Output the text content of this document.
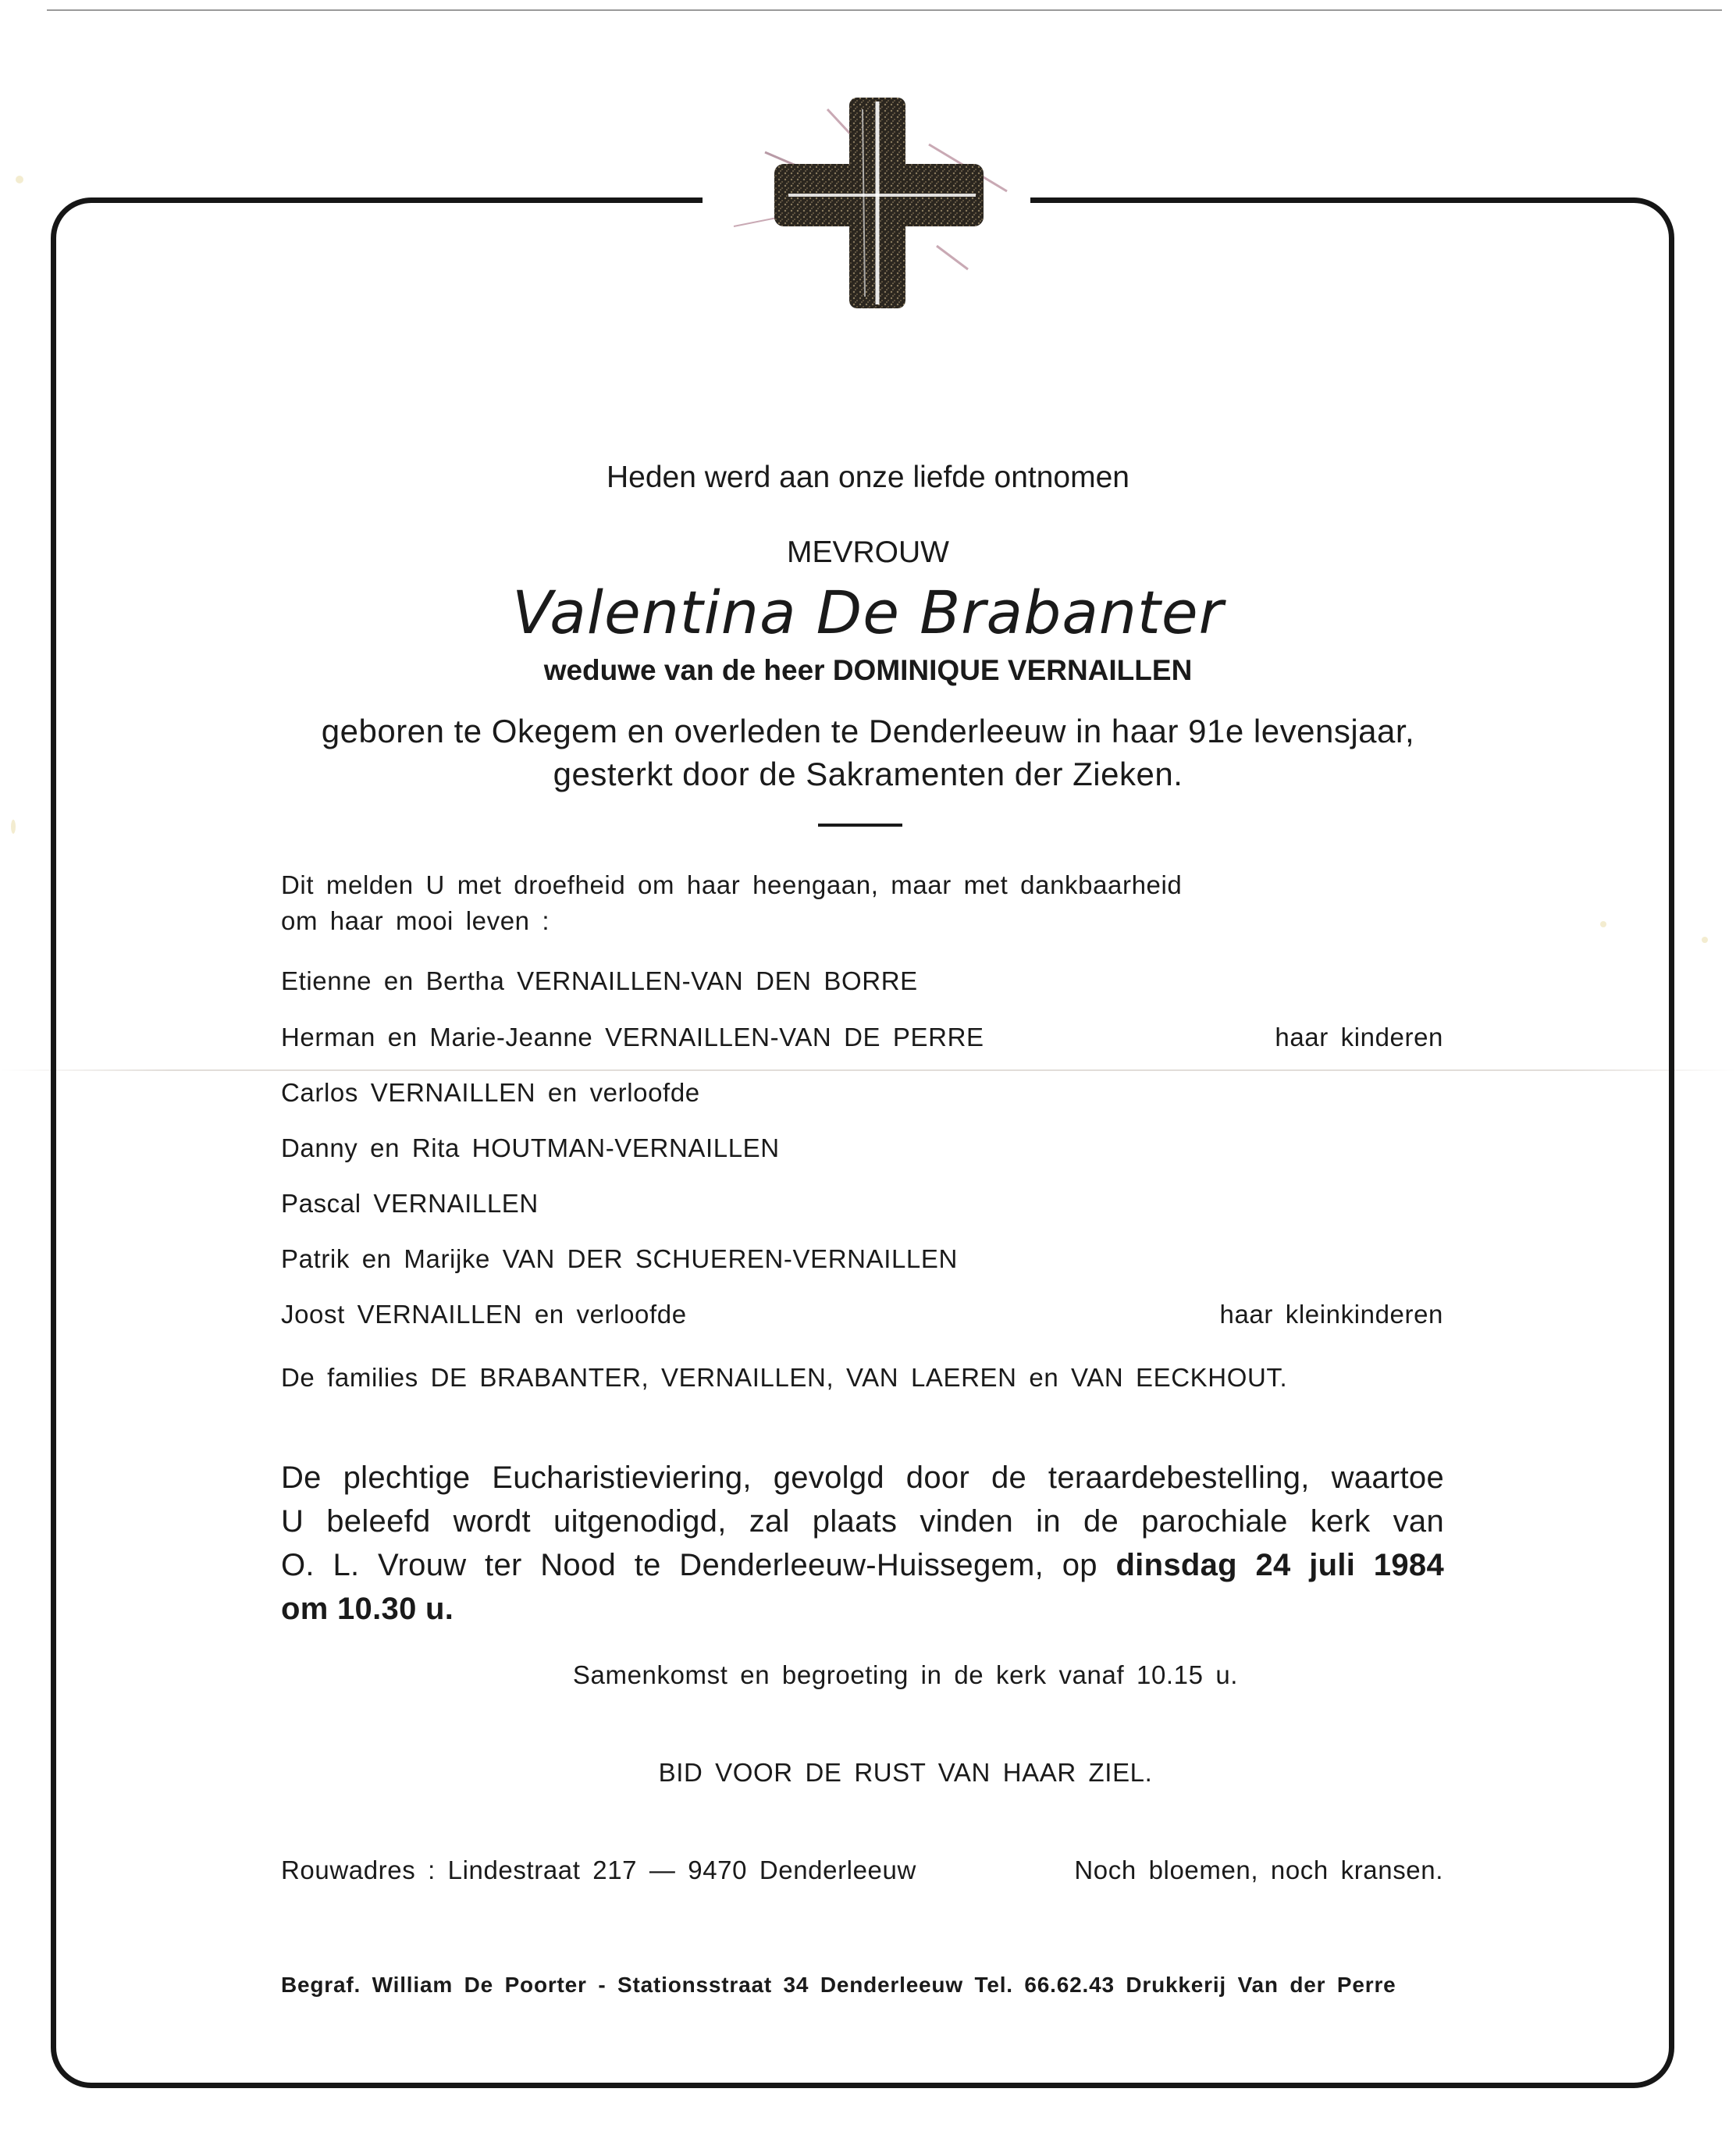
Heden werd aan onze liefde ontnomen
MEVROUW
Valentina De Brabanter
weduwe van de heer DOMINIQUE VERNAILLEN
geboren te Okegem en overleden te Denderleeuw in haar 91e levensjaar,
gesterkt door de Sakramenten der Zieken.
Dit melden U met droefheid om haar heengaan, maar met dankbaarheid
om haar mooi leven :
Etienne en Bertha VERNAILLEN-VAN DEN BORRE
Herman en Marie-Jeanne VERNAILLEN-VAN DE PERRE	haar kinderen
Carlos VERNAILLEN en verloofde
Danny en Rita HOUTMAN-VERNAILLEN
Pascal VERNAILLEN
Patrik en Marijke VAN DER SCHUEREN-VERNAILLEN
Joost VERNAILLEN en verloofde	haar kleinkinderen
De families DE BRABANTER, VERNAILLEN, VAN LAEREN en VAN EECKHOUT.
De plechtige Eucharistieviering, gevolgd door de teraardebestelling, waartoe
U beleefd wordt uitgenodigd, zal plaats vinden in de parochiale kerk van
O. L. Vrouw ter Nood te Denderleeuw-Huissegem, op dinsdag 24 juli 1984
om 10.30 u.
Samenkomst en begroeting in de kerk vanaf 10.15 u.
BID VOOR DE RUST VAN HAAR ZIEL.
Rouwadres : Lindestraat 217 — 9470 Denderleeuw	Noch bloemen, noch kransen.
Begraf. William De Poorter - Stationsstraat 34 Denderleeuw Tel. 66.62.43 Drukkerij Van der Perre
